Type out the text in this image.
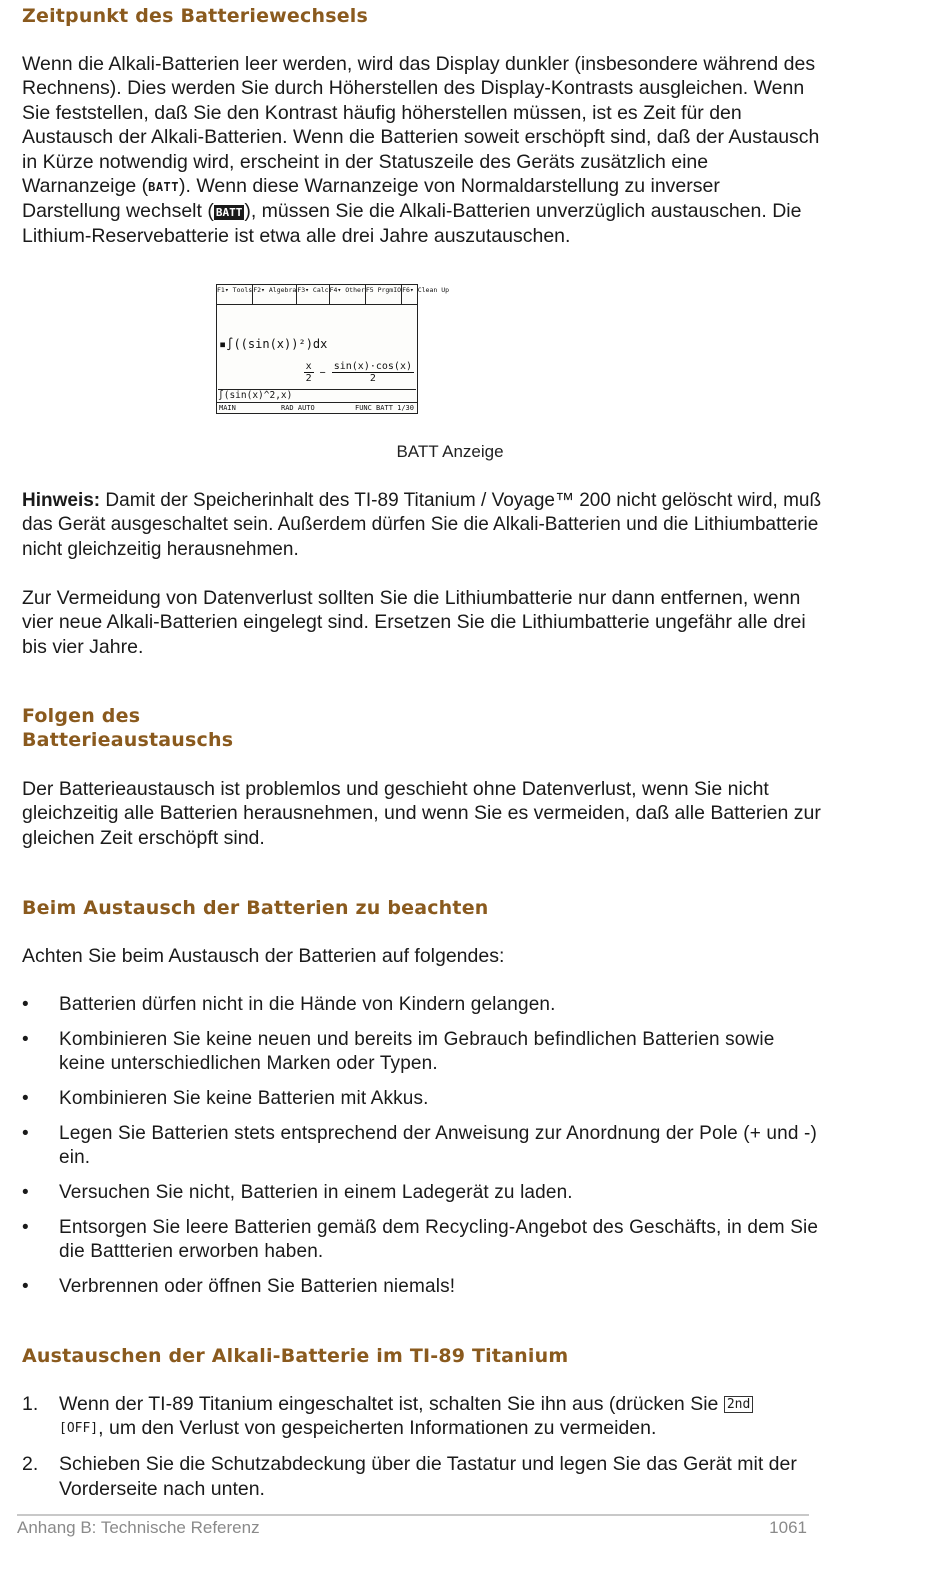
Zeitpunkt des Batteriewechsels

Wenn die Alkali-Batterien leer werden, wird das Display dunkler (insbesondere während des Rechnens). Dies werden Sie durch Höherstellen des Display-Kontrasts ausgleichen. Wenn Sie feststellen, daß Sie den Kontrast häufig höherstellen müssen, ist es Zeit für den Austausch der Alkali-Batterien. Wenn die Batterien soweit erschöpft sind, daß der Austausch in Kürze notwendig wird, erscheint in der Statuszeile des Geräts zusätzlich eine Warnanzeige (BATT). Wenn diese Warnanzeige von Normaldarstellung zu inverser Darstellung wechselt ( BATT ), müssen Sie die Alkali-Batterien unverzüglich austauschen. Die Lithium-Reservebatterie ist etwa alle drei Jahre auszutauschen.

F1▾ Tools F2▾ Algebra F3▾ Calc F4▾ Other F5 PrgmIO F6▾ Clean Up
▪∫((sin(x))²)dx
$\frac{x}{2} - \frac{\sin(x)\cdot\cos(x)}{2}$
∫(sin(x)^2,x)
MAIN	RAD AUTO	FUNC BATT 1/30
BATT Anzeige

Hinweis: Damit der Speicherinhalt des TI-89 Titanium / Voyage™ 200 nicht gelöscht wird, muß das Gerät ausgeschaltet sein. Außerdem dürfen Sie die Alkali-Batterien und die Lithiumbatterie nicht gleichzeitig herausnehmen.

Zur Vermeidung von Datenverlust sollten Sie die Lithiumbatterie nur dann entfernen, wenn vier neue Alkali-Batterien eingelegt sind. Ersetzen Sie die Lithiumbatterie ungefähr alle drei bis vier Jahre.

Folgen des
Batterieaustauschs

Der Batterieaustausch ist problemlos und geschieht ohne Datenverlust, wenn Sie nicht gleichzeitig alle Batterien herausnehmen, und wenn Sie es vermeiden, daß alle Batterien zur gleichen Zeit erschöpft sind.

Beim Austausch der Batterien zu beachten

Achten Sie beim Austausch der Batterien auf folgendes:

• Batterien dürfen nicht in die Hände von Kindern gelangen.
• Kombinieren Sie keine neuen und bereits im Gebrauch befindlichen Batterien sowie keine unterschiedlichen Marken oder Typen.
• Kombinieren Sie keine Batterien mit Akkus.
• Legen Sie Batterien stets entsprechend der Anweisung zur Anordnung der Pole (+ und -) ein.
• Versuchen Sie nicht, Batterien in einem Ladegerät zu laden.
• Entsorgen Sie leere Batterien gemäß dem Recycling-Angebot des Geschäfts, in dem Sie die Battterien erworben haben.
• Verbrennen oder öffnen Sie Batterien niemals!
Austauschen der Alkali-Batterie im TI-89 Titanium
1. Wenn der TI-89 Titanium eingeschaltet ist, schalten Sie ihn aus (drücken Sie 2nd
[OFF], um den Verlust von gespeicherten Informationen zu vermeiden.
2. Schieben Sie die Schutzabdeckung über die Tastatur und legen Sie das Gerät mit der Vorderseite nach unten.
Anhang B: Technische Referenz	1061
